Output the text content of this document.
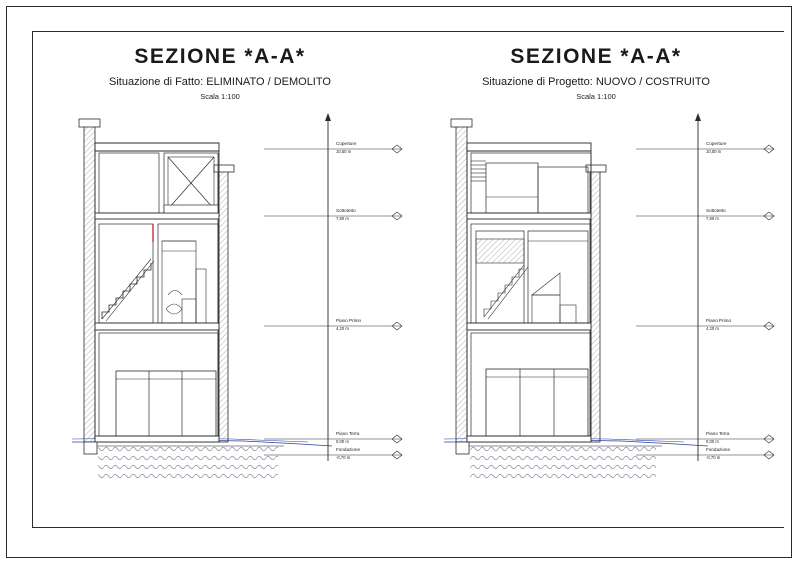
SEZIONE *A-A*
Situazione di Fatto: ELIMINATO / DEMOLITO
Scala 1:100
Coperture
10,50 m
Sottotetto
7,80 m
Piano Primo
4,20 m
Piano Terra
0,00 m
Fondazione
-0,70 m
SEZIONE *A-A*
Situazione di Progetto: NUOVO / COSTRUITO
Scala 1:100
Coperture
10,50 m
Sottotetto
7,80 m
Piano Primo
4,20 m
Piano Terra
0,00 m
Fondazione
-0,70 m
